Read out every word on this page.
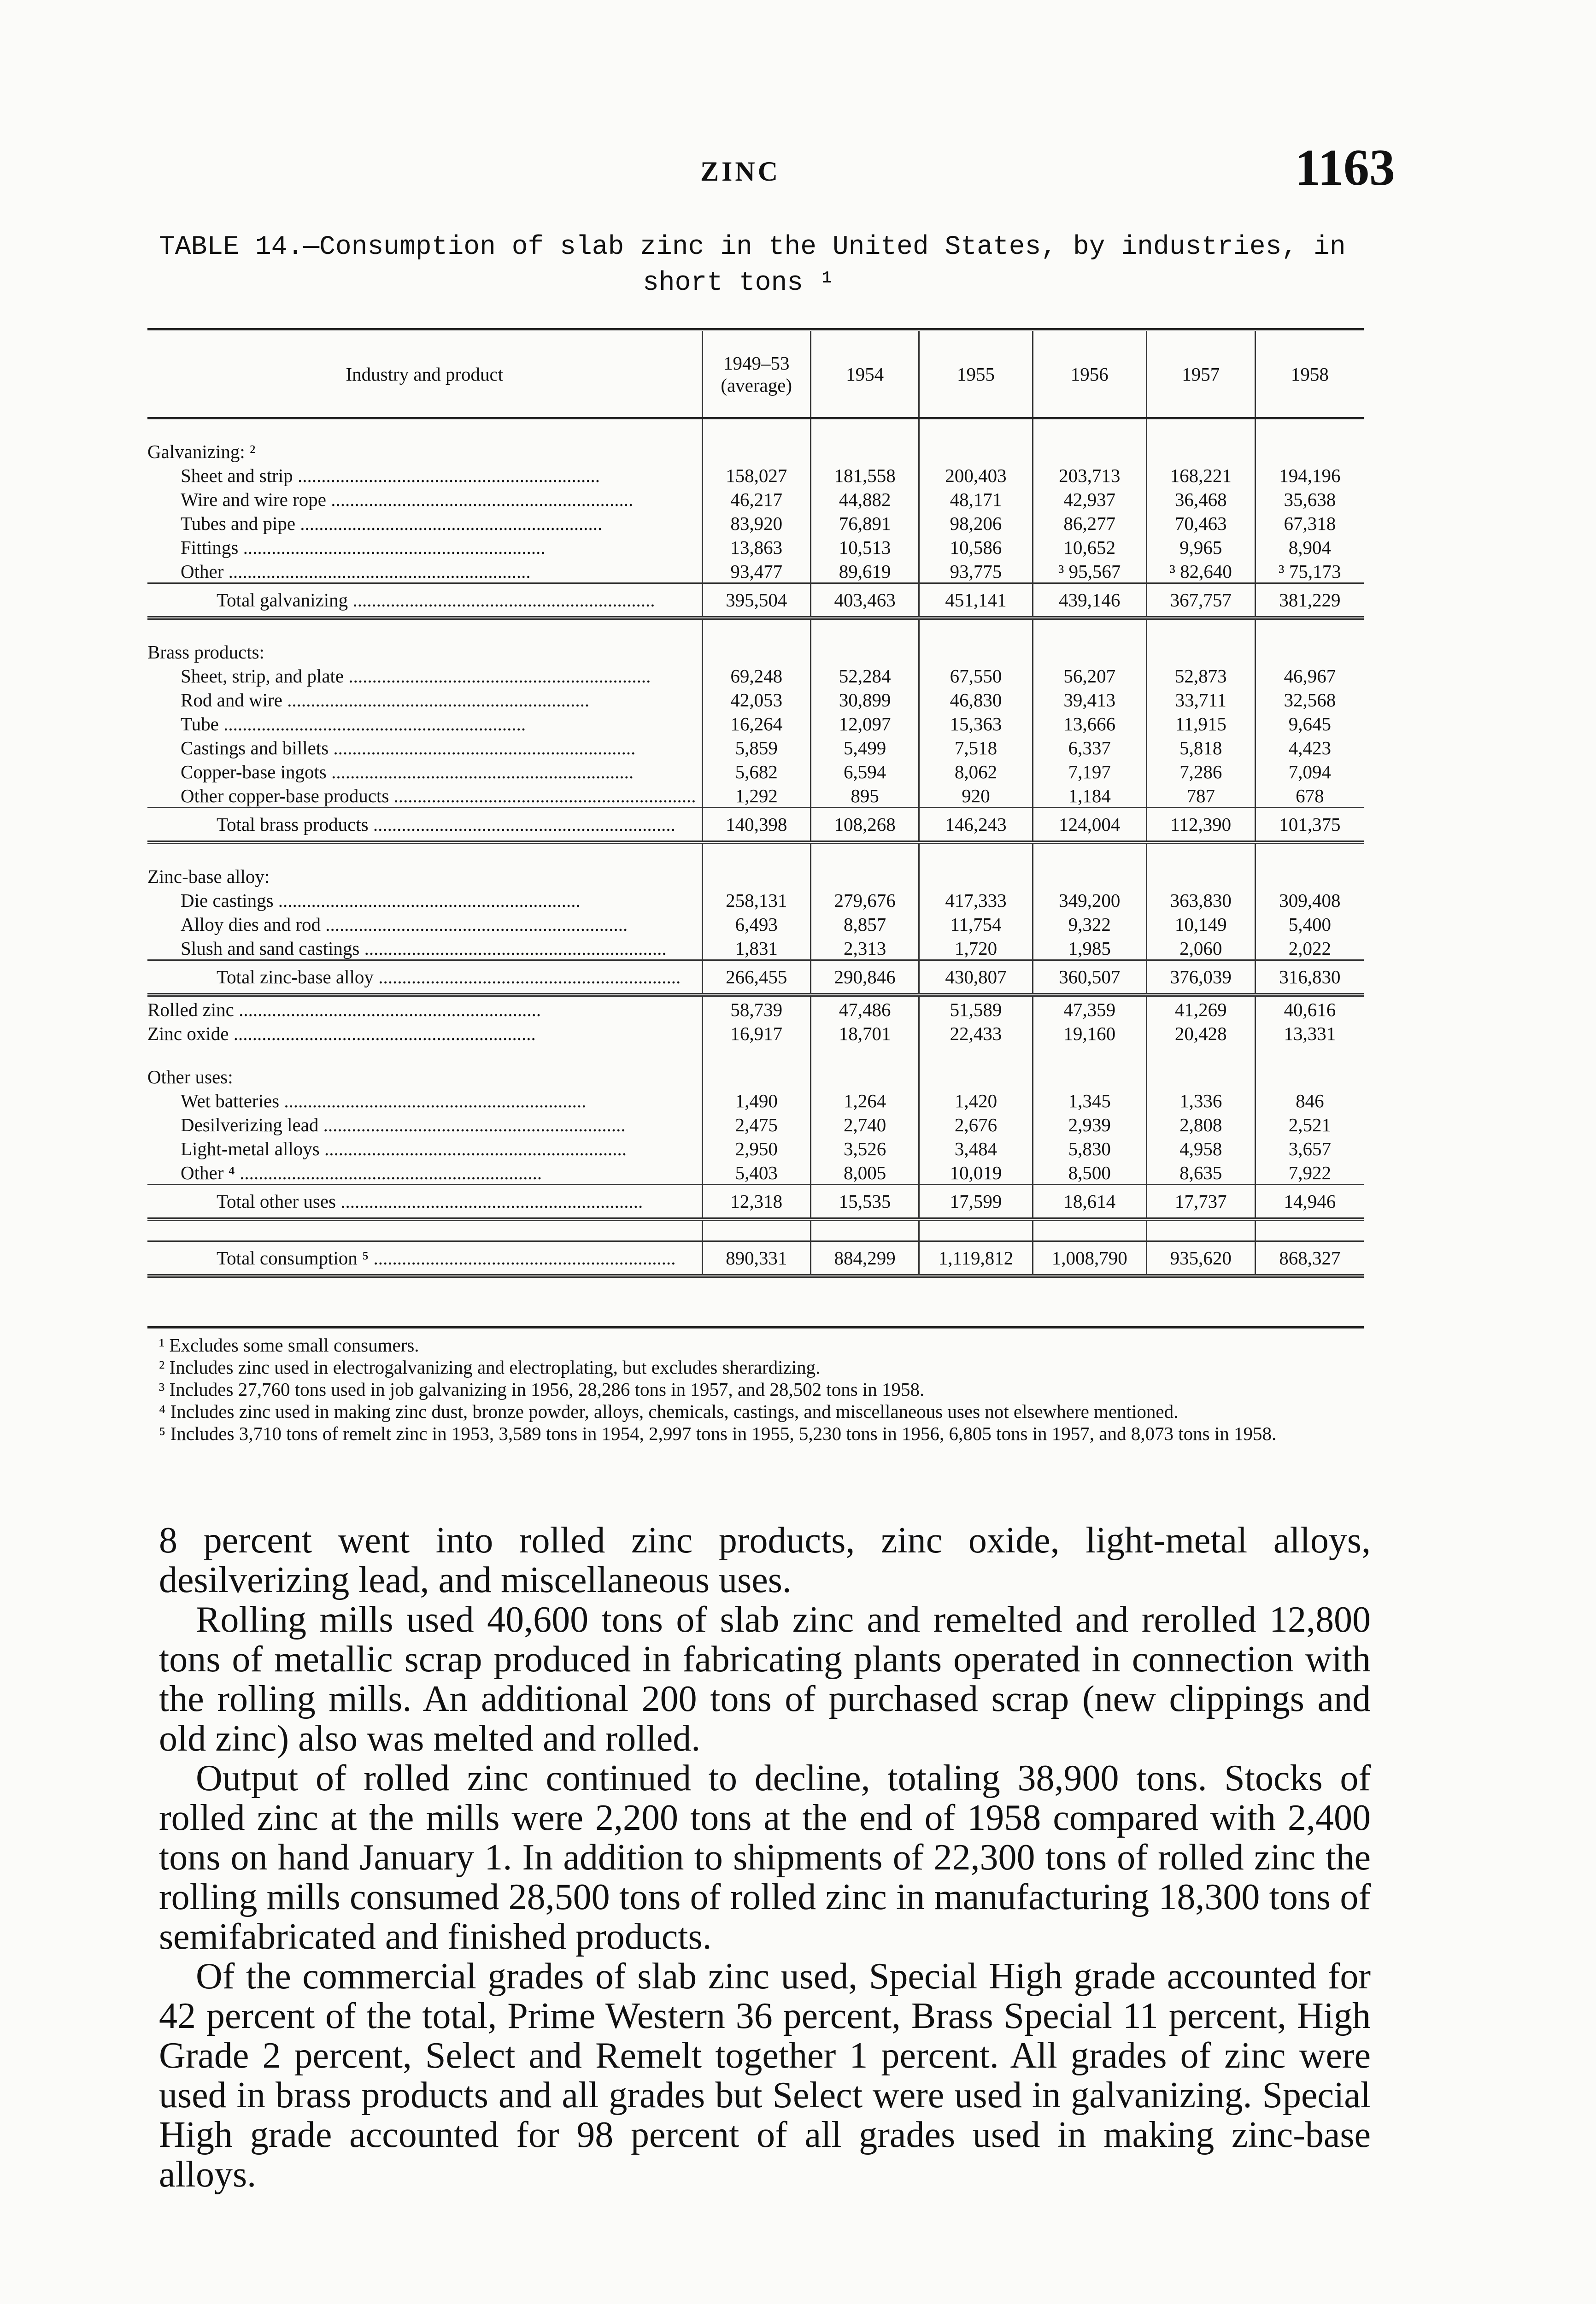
ZINC	1163
TABLE 14.—Consumption of slab zinc in the United States, by industries, in
short tons ¹
Industry and product	1949–53 (average)	1954	1955	1956	1957	1958

Galvanizing: ²						
Sheet and strip .....	158,027	181,558	200,403	203,713	168,221	194,196
Wire and wire rope .....	46,217	44,882	48,171	42,937	36,468	35,638
Tubes and pipe .....	83,920	76,891	98,206	86,277	70,463	67,318
Fittings .....	13,863	10,513	10,586	10,652	9,965	8,904
Other .....	93,477	89,619	93,775	³ 95,567	³ 82,640	³ 75,173
Total galvanizing .....	395,504	403,463	451,141	439,146	367,757	381,229

Brass products:						
Sheet, strip, and plate .....	69,248	52,284	67,550	56,207	52,873	46,967
Rod and wire .....	42,053	30,899	46,830	39,413	33,711	32,568
Tube .....	16,264	12,097	15,363	13,666	11,915	9,645
Castings and billets .....	5,859	5,499	7,518	6,337	5,818	4,423
Copper-base ingots .....	5,682	6,594	8,062	7,197	7,286	7,094
Other copper-base products .....	1,292	895	920	1,184	787	678
Total brass products .....	140,398	108,268	146,243	124,004	112,390	101,375

Zinc-base alloy:						
Die castings .....	258,131	279,676	417,333	349,200	363,830	309,408
Alloy dies and rod .....	6,493	8,857	11,754	9,322	10,149	5,400
Slush and sand castings .....	1,831	2,313	1,720	1,985	2,060	2,022
Total zinc-base alloy .....	266,455	290,846	430,807	360,507	376,039	316,830
Rolled zinc .....	58,739	47,486	51,589	47,359	41,269	40,616
Zinc oxide .....	16,917	18,701	22,433	19,160	20,428	13,331

Other uses:						
Wet batteries .....	1,490	1,264	1,420	1,345	1,336	846
Desilverizing lead .....	2,475	2,740	2,676	2,939	2,808	2,521
Light-metal alloys .....	2,950	3,526	3,484	5,830	4,958	3,657
Other ⁴ .....	5,403	8,005	10,019	8,500	8,635	7,922
Total other uses .....	12,318	15,535	17,599	18,614	17,737	14,946

Total consumption ⁵ .....	890,331	884,299	1,119,812	1,008,790	935,620	868,327

¹ Excludes some small consumers.

² Includes zinc used in electrogalvanizing and electroplating, but excludes sherardizing.

³ Includes 27,760 tons used in job galvanizing in 1956, 28,286 tons in 1957, and 28,502 tons in 1958.

⁴ Includes zinc used in making zinc dust, bronze powder, alloys, chemicals, castings, and miscellaneous uses not elsewhere mentioned.

⁵ Includes 3,710 tons of remelt zinc in 1953, 3,589 tons in 1954, 2,997 tons in 1955, 5,230 tons in 1956, 6,805 tons in 1957, and 8,073 tons in 1958.

8 percent went into rolled zinc products, zinc oxide, light-metal alloys, desilverizing lead, and miscellaneous uses.

Rolling mills used 40,600 tons of slab zinc and remelted and rerolled 12,800 tons of metallic scrap produced in fabricating plants operated in connection with the rolling mills. An additional 200 tons of purchased scrap (new clippings and old zinc) also was melted and rolled.

Output of rolled zinc continued to decline, totaling 38,900 tons. Stocks of rolled zinc at the mills were 2,200 tons at the end of 1958 compared with 2,400 tons on hand January 1. In addition to shipments of 22,300 tons of rolled zinc the rolling mills consumed 28,500 tons of rolled zinc in manufacturing 18,300 tons of semifabricated and finished products.

Of the commercial grades of slab zinc used, Special High grade accounted for 42 percent of the total, Prime Western 36 percent, Brass Special 11 percent, High Grade 2 percent, Select and Remelt together 1 percent. All grades of zinc were used in brass products and all grades but Select were used in galvanizing. Special High grade accounted for 98 percent of all grades used in making zinc-base alloys.
